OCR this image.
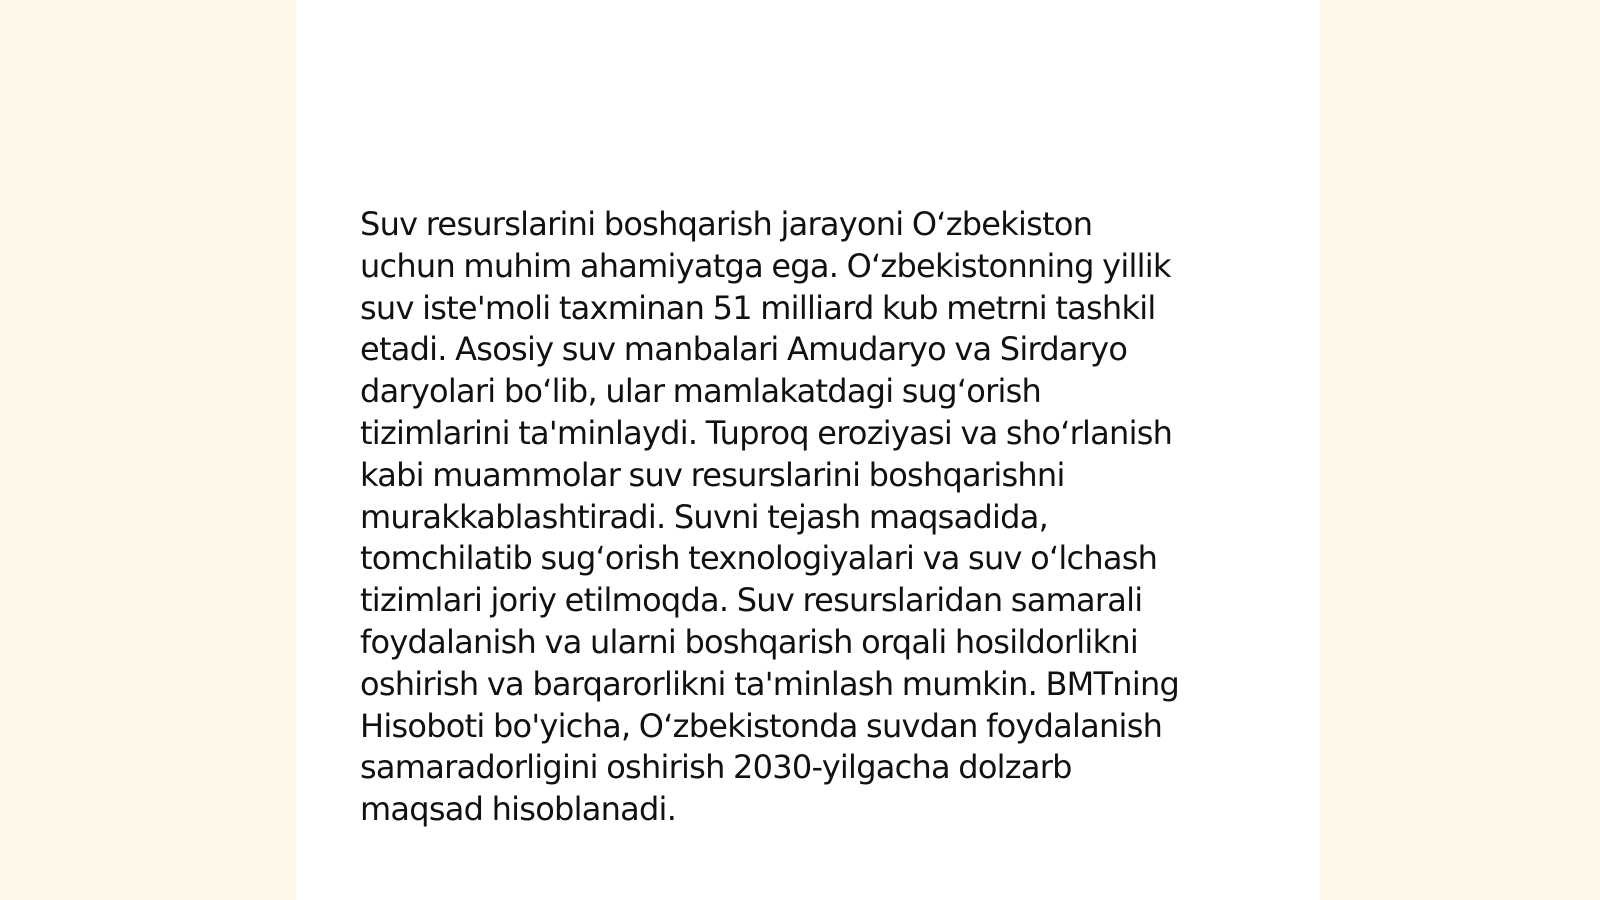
Suv resurslarini boshqarish jarayoni O‘zbekiston
uchun muhim ahamiyatga ega. O‘zbekistonning yillik
suv iste'moli taxminan 51 milliard kub metrni tashkil
etadi. Asosiy suv manbalari Amudaryo va Sirdaryo
daryolari bo‘lib, ular mamlakatdagi sug‘orish
tizimlarini ta'minlaydi. Tuproq eroziyasi va sho‘rlanish
kabi muammolar suv resurslarini boshqarishni
murakkablashtiradi. Suvni tejash maqsadida,
tomchilatib sug‘orish texnologiyalari va suv o‘lchash
tizimlari joriy etilmoqda. Suv resurslaridan samarali
foydalanish va ularni boshqarish orqali hosildorlikni
oshirish va barqarorlikni ta'minlash mumkin. BMTning
Hisoboti bo'yicha, O‘zbekistonda suvdan foydalanish
samaradorligini oshirish 2030-yilgacha dolzarb
maqsad hisoblanadi.
